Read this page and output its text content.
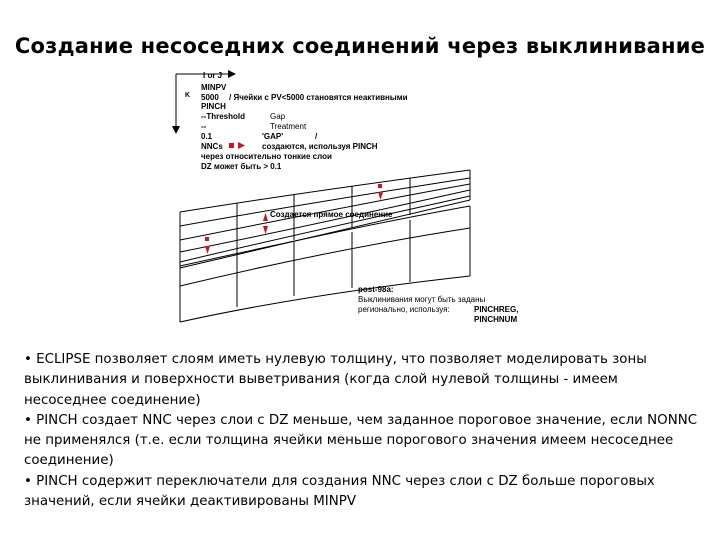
Создание несоседних соединений через выклинивание
I or J
K
MINPV
5000 / Ячейки с PV<5000 становятся неактивными
PINCH
--Threshold	Gap
--	Treatment
0.1	'GAP'	/
NNCs	создаются, используя PINCH
через относительно тонкие слои
DZ может быть > 0.1
Создается прямое соединение
post-98a:
Выклинивания могут быть заданы
регионально, используя:	PINCHREG,
PINCHNUM

• ECLIPSE позволяет слоям иметь нулевую толщину, что позволяет моделировать зоны выклинивания и поверхности выветривания (когда слой нулевой толщины - имеем несоседнее соединение)

• PINCH создает NNC через слои с DZ меньше, чем заданное пороговое значение, если NONNC не применялся (т.е. если толщина ячейки меньше порогового значения имеем несоседнее соединение)

• PINCH содержит переключатели для создания NNC через слои с DZ больше пороговых значений, если ячейки деактивированы MINPV
